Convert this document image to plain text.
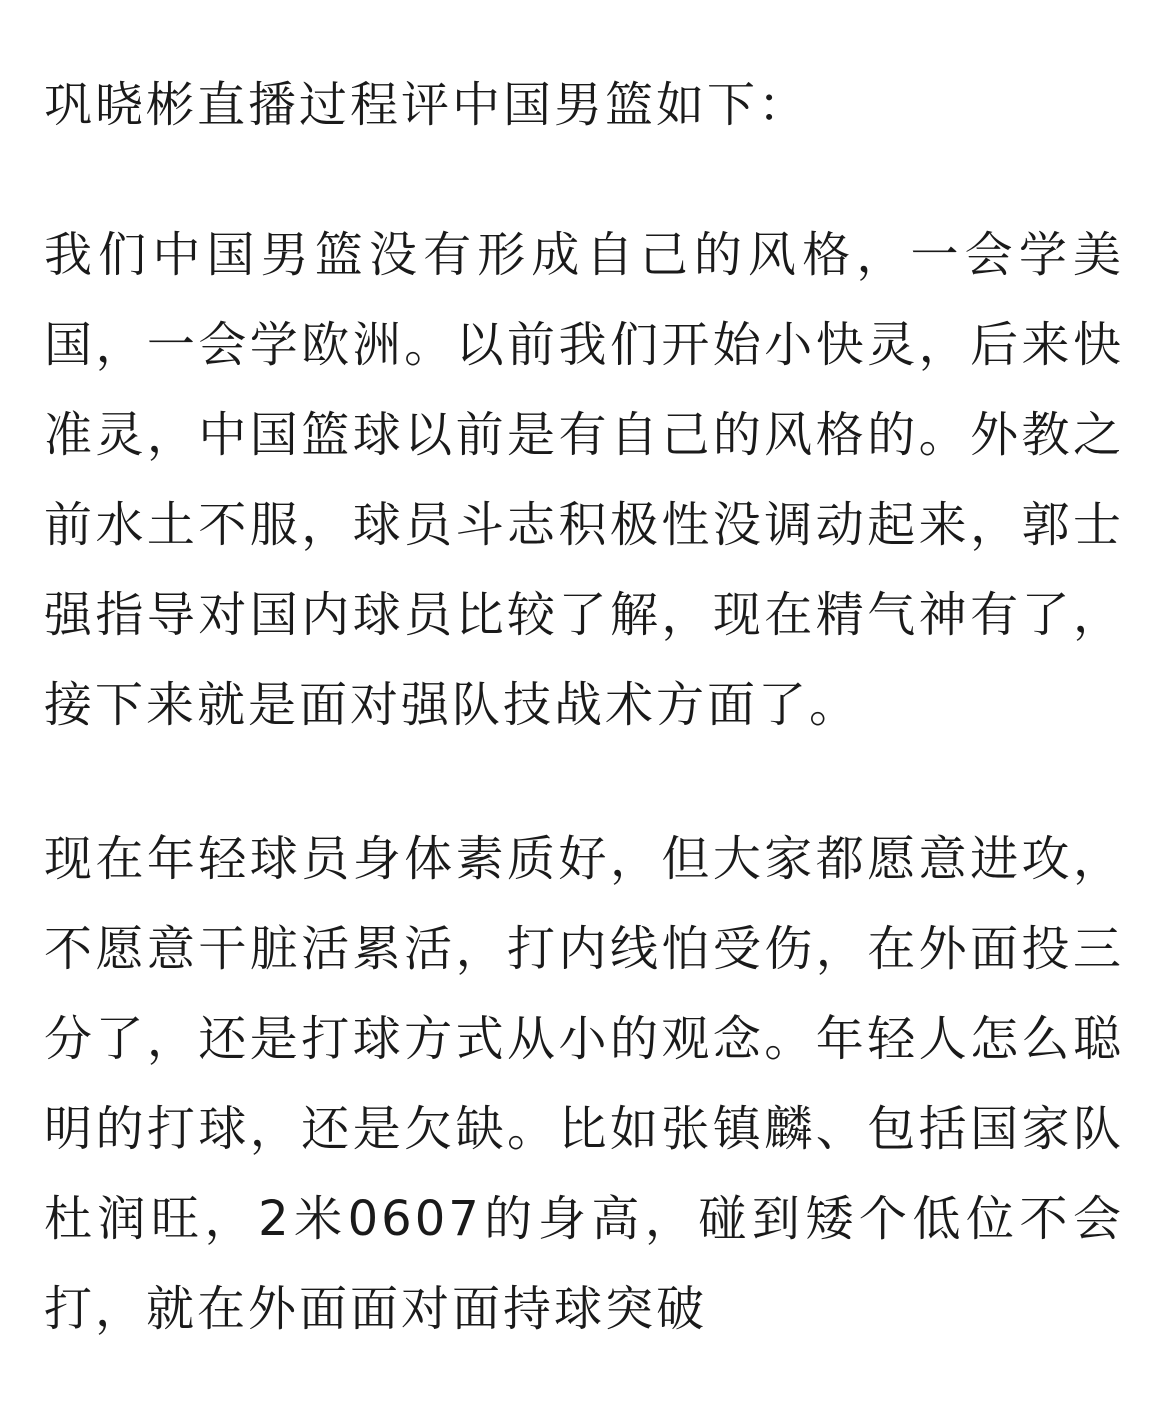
巩晓彬直播过程评中国男篮如下：

我们中国男篮没有形成自己的风格，一会学美国，一会学欧洲。以前我们开始小快灵，后来快准灵，中国篮球以前是有自己的风格的。外教之前水土不服，球员斗志积极性没调动起来，郭士强指导对国内球员比较了解，现在精气神有了，接下来就是面对强队技战术方面了。

现在年轻球员身体素质好，但大家都愿意进攻，不愿意干脏活累活，打内线怕受伤，在外面投三分了，还是打球方式从小的观念。年轻人怎么聪明的打球，还是欠缺。比如张镇麟、包括国家队杜润旺，2米0607的身高，碰到矮个低位不会打，就在外面面对面持球突破
